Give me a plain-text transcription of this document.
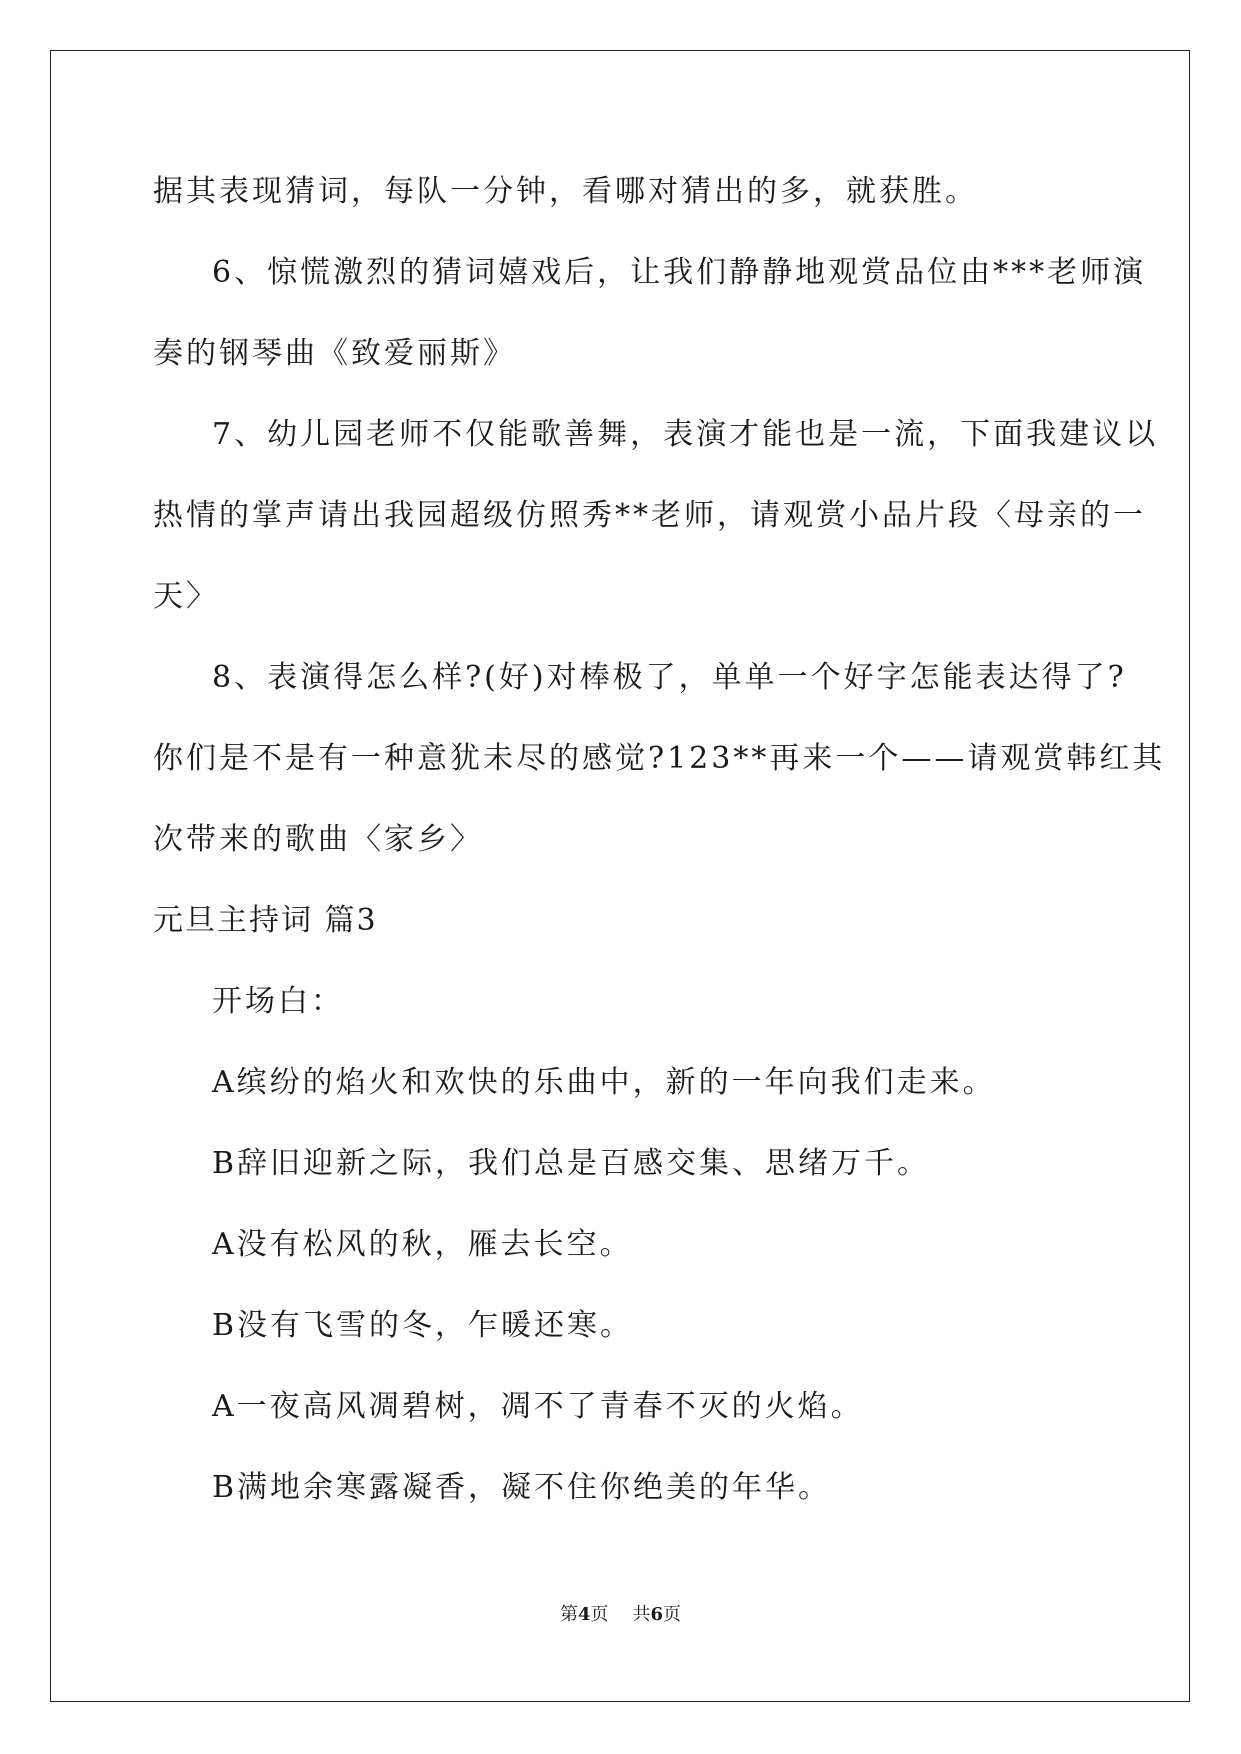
据其表现猜词，每队一分钟，看哪对猜出的多，就获胜。
6、惊慌激烈的猜词嬉戏后，让我们静静地观赏品位由***老师演
奏的钢琴曲《致爱丽斯》
7、幼儿园老师不仅能歌善舞，表演才能也是一流，下面我建议以
热情的掌声请出我园超级仿照秀**老师，请观赏小品片段〈母亲的一
天〉
8、表演得怎么样?(好)对棒极了，单单一个好字怎能表达得了?
你们是不是有一种意犹未尽的感觉?123**再来一个——请观赏韩红其
次带来的歌曲〈家乡〉
元旦主持词 篇3
开场白：
A缤纷的焰火和欢快的乐曲中，新的一年向我们走来。
B辞旧迎新之际，我们总是百感交集、思绪万千。
A没有松风的秋，雁去长空。
B没有飞雪的冬，乍暖还寒。
A一夜高风凋碧树，凋不了青春不灭的火焰。
B满地余寒露凝香，凝不住你绝美的年华。
第4页 共6页
